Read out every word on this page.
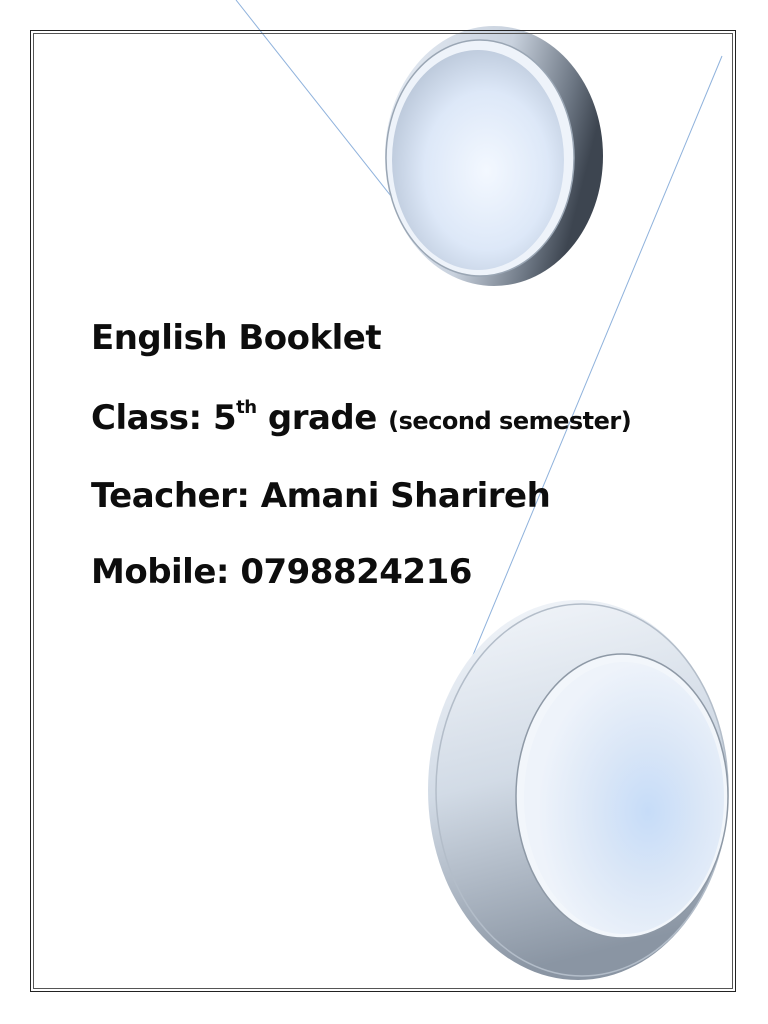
English Booklet
Class: 5th grade (second semester)
Teacher: Amani Sharireh
Mobile: 0798824216
